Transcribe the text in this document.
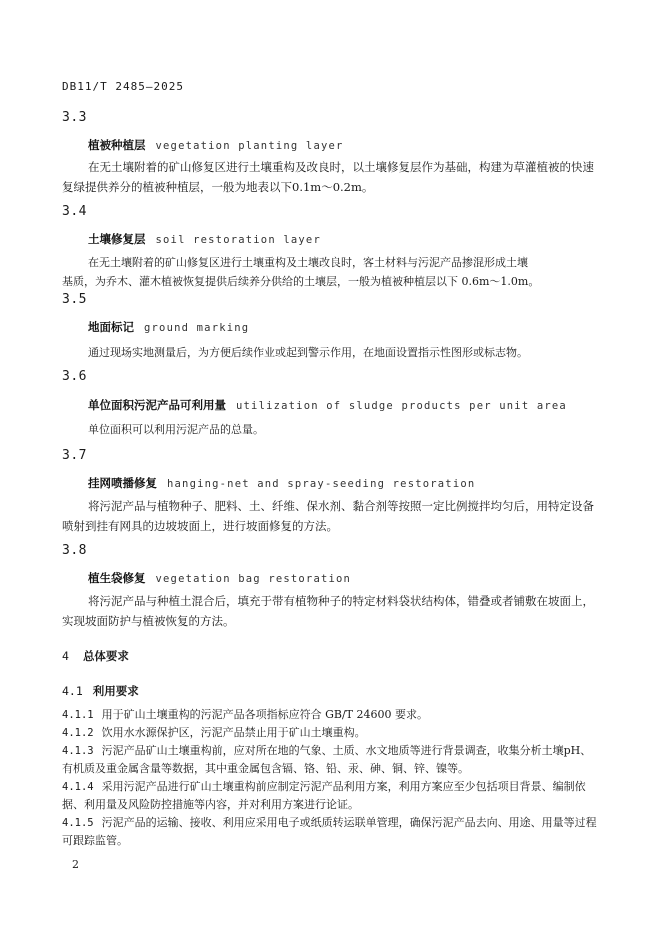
DB11/T 2485—2025
3.3
植被种植层 vegetation planting layer
在无土壤附着的矿山修复区进行土壤重构及改良时，以土壤修复层作为基础，构建为草灌植被的快速复绿提供养分的植被种植层，一般为地表以下0.1m～0.2m。
3.4
土壤修复层 soil restoration layer
在无土壤附着的矿山修复区进行土壤重构及土壤改良时，客土材料与污泥产品掺混形成土壤
基质，为乔木、灌木植被恢复提供后续养分供给的土壤层，一般为植被种植层以下 0.6m～1.0m。
3.5
地面标记 ground marking
通过现场实地测量后，为方便后续作业或起到警示作用，在地面设置指示性图形或标志物。
3.6
单位面积污泥产品可利用量 utilization of sludge products per unit area
单位面积可以利用污泥产品的总量。
3.7
挂网喷播修复 hanging-net and spray-seeding restoration
将污泥产品与植物种子、肥料、土、纤维、保水剂、黏合剂等按照一定比例搅拌均匀后，用特定设备喷射到挂有网具的边坡坡面上，进行坡面修复的方法。
3.8
植生袋修复 vegetation bag restoration
将污泥产品与种植土混合后，填充于带有植物种子的特定材料袋状结构体，错叠或者铺敷在坡面上，实现坡面防护与植被恢复的方法。
4 总体要求
4.1 利用要求
4.1.1 用于矿山土壤重构的污泥产品各项指标应符合 GB/T 24600 要求。
4.1.2 饮用水水源保护区，污泥产品禁止用于矿山土壤重构。
4.1.3 污泥产品矿山土壤重构前，应对所在地的气象、土质、水文地质等进行背景调查，收集分析土壤pH、有机质及重金属含量等数据，其中重金属包含镉、铬、铅、汞、砷、铜、锌、镍等。
4.1.4 采用污泥产品进行矿山土壤重构前应制定污泥产品利用方案，利用方案应至少包括项目背景、编制依据、利用量及风险防控措施等内容，并对利用方案进行论证。
4.1.5 污泥产品的运输、接收、利用应采用电子或纸质转运联单管理，确保污泥产品去向、用途、用量等过程可跟踪监管。
2
